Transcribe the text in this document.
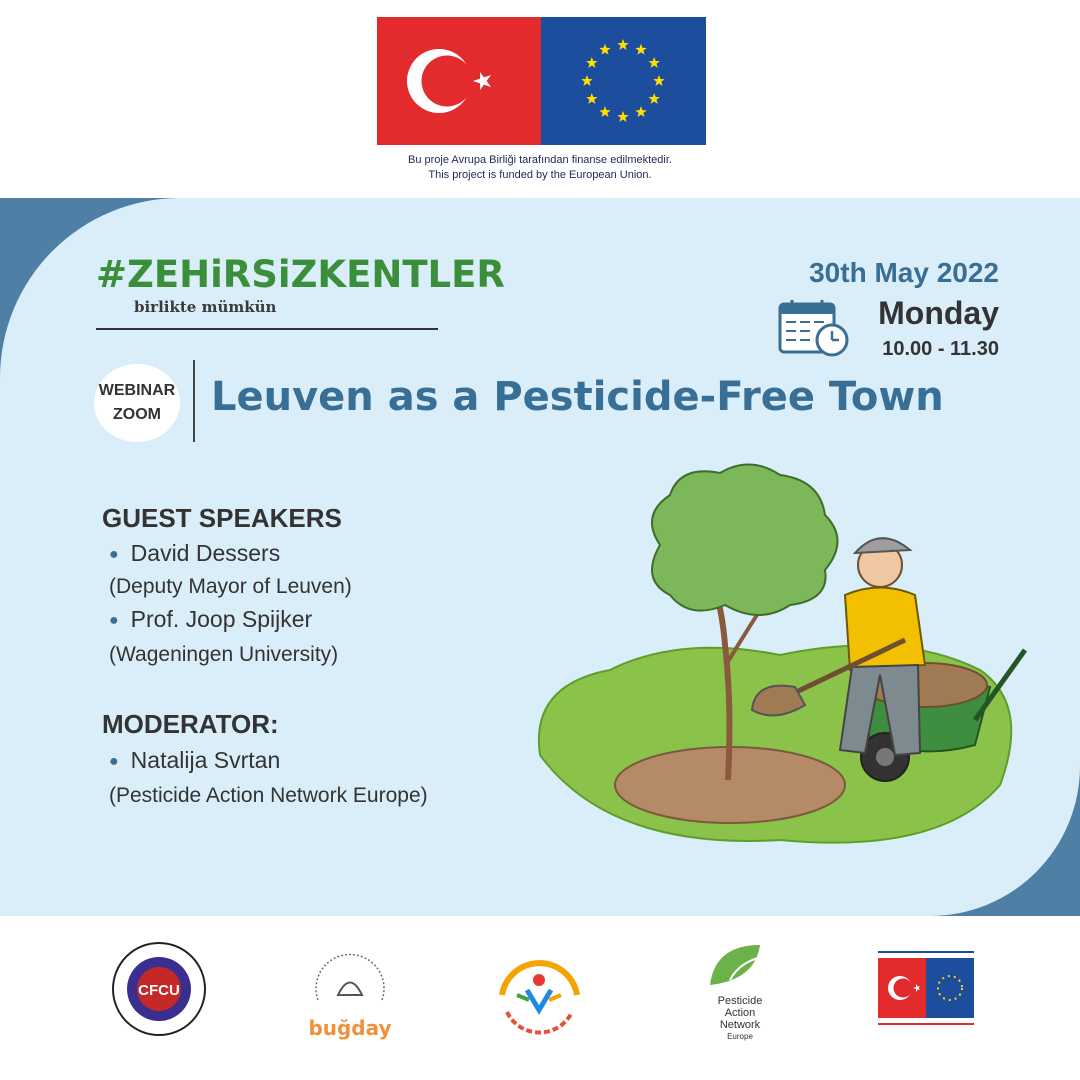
Bu proje Avrupa Birliği tarafından finanse edilmektedir.
This project is funded by the European Union.
#ZEHiRSiZKENTLER
birlikte mümkün
30th May 2022
Monday
10.00 - 11.30
WEBINAR
ZOOM Leuven as a Pesticide-Free Town
GUEST SPEAKERS
● David Dessers
(Deputy Mayor of Leuven)
● Prof. Joop Spijker
(Wageningen University)
MODERATOR:
● Natalija Svrtan
(Pesticide Action Network Europe)
CFCU
buğday
Pesticide
Action
Network
Europe
